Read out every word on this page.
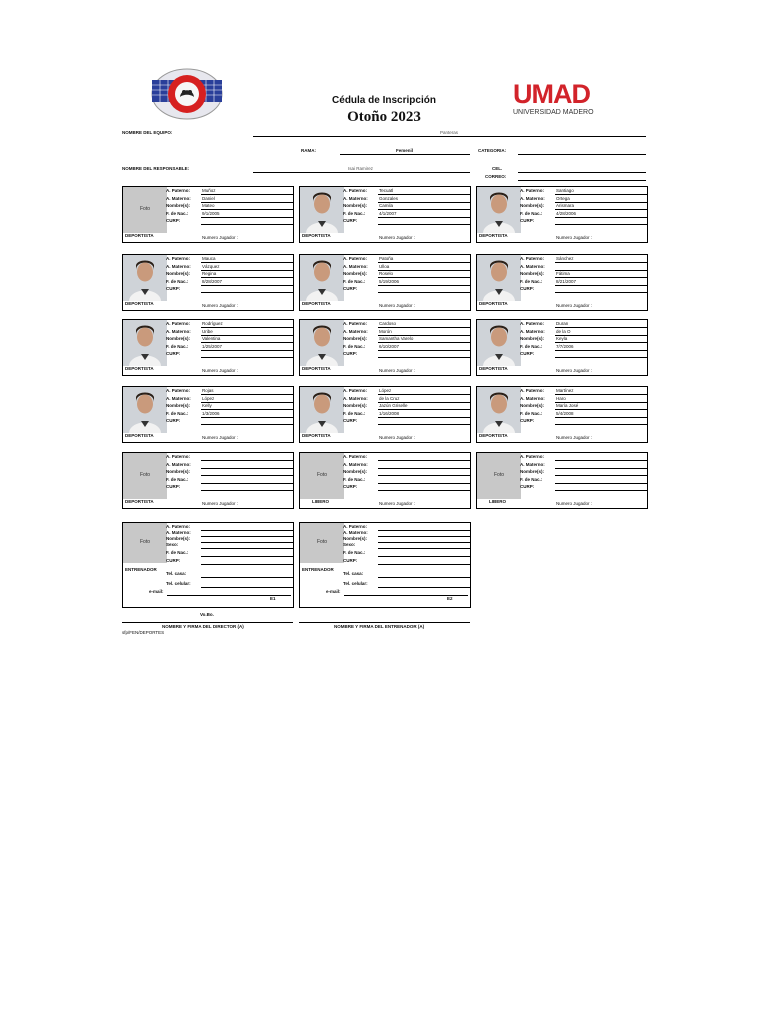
Cédula de Inscripción
Otoño 2023
UMAD
UNIVERSIDAD MADERO
NOMBRE DEL EQUIPO:	Panteras
RAMA:	Femenil	CATEGORIA:
NOMBRE DEL RESPONSABLE:	Isai Ramirez	CEL.
CORREO:
Foto
A. Paterno:	Muñoz
A. Materno:	Daniel
Nombre(s):	Mateo
F. de Nac.:	9/1/2005
CURP:
DEPORTISTA	Numero Jugador :
A. Paterno:	Tecuatl
A. Materno:	Gonzales
Nombre(s):	Camila
F. de Nac.:	4/1/2007
CURP:
DEPORTISTA	Numero Jugador :
A. Paterno:	Santiago
A. Materno:	Ortega
Nombre(s):	Arismara
F. de Nac.:	4/28/2006
CURP:
DEPORTISTA	Numero Jugador :
A. Paterno:	Mauca
A. Materno:	Vázquez
Nombre(s):	Regina
F. de Nac.:	8/28/2007
CURP:
DEPORTISTA	Numero Jugador :
A. Paterno:	Patoña
A. Materno:	Ulloa
Nombre(s):	Roselo
F. de Nac.:	5/19/2006
CURP:
DEPORTISTA	Numero Jugador :
A. Paterno:	Sánchez
A. Materno:
Nombre(s):	Fátima
F. de Nac.:	8/21/2007
CURP:
DEPORTISTA	Numero Jugador :
A. Paterno:	Rodríguez
A. Materno:	Uribe
Nombre(s):	Valentina
F. de Nac.:	1/25/2007
CURP:
DEPORTISTA	Numero Jugador :
A. Paterno:	Cardoso
A. Materno:	Morón
Nombre(s):	Samantha Varelo
F. de Nac.:	6/10/2007
CURP:
DEPORTISTA	Numero Jugador :
A. Paterno:	Duran
A. Materno:	de la O
Nombre(s):	Keyla
F. de Nac.:	7/7/2006
CURP:
DEPORTISTA	Numero Jugador :
A. Paterno:	Rojas
A. Materno:	López
Nombre(s):	Kelly
F. de Nac.:	1/3/2006
CURP:
DEPORTISTA	Numero Jugador :
A. Paterno:	López
A. Materno:	de la Cruz
Nombre(s):	Jazún Griselle
F. de Nac.:	1/16/2008
CURP:
DEPORTISTA	Numero Jugador :
A. Paterno:	Martínez
A. Materno:	Haro
Nombre(s):	María José
F. de Nac.:	5/4/2008
CURP:
DEPORTISTA	Numero Jugador :
Foto
A. Paterno:
A. Materno:
Nombre(s):
F. de Nac.:
CURP:
DEPORTISTA	Numero Jugador :
Foto
A. Paterno:
A. Materno:
Nombre(s):
F. de Nac.:
CURP:
LIBERO	Numero Jugador :
Foto
A. Paterno:
A. Materno:
Nombre(s):
F. de Nac.:
CURP:
LIBERO	Numero Jugador :
Foto
A. Paterno:
A. Materno:
Nombre(s):
Sexo:
F. de Nac.:
CURP:
ENTRENADOR
Tel. casa:
Tel. celular:
e-mail:
E1
Foto
A. Paterno:
A. Materno:
Nombre(s):
Sexo:
F. de Nac.:
CURP:
ENTRENADOR
Tel. casa:
Tel. celular:
e-mail:
E2
Vo.Bo.
NOMBRE Y FIRMA DEL DIRECTOR (A)	NOMBRE Y FIRMA DEL ENTRENADOR (A)
sfp/FEN/DEPORTES
